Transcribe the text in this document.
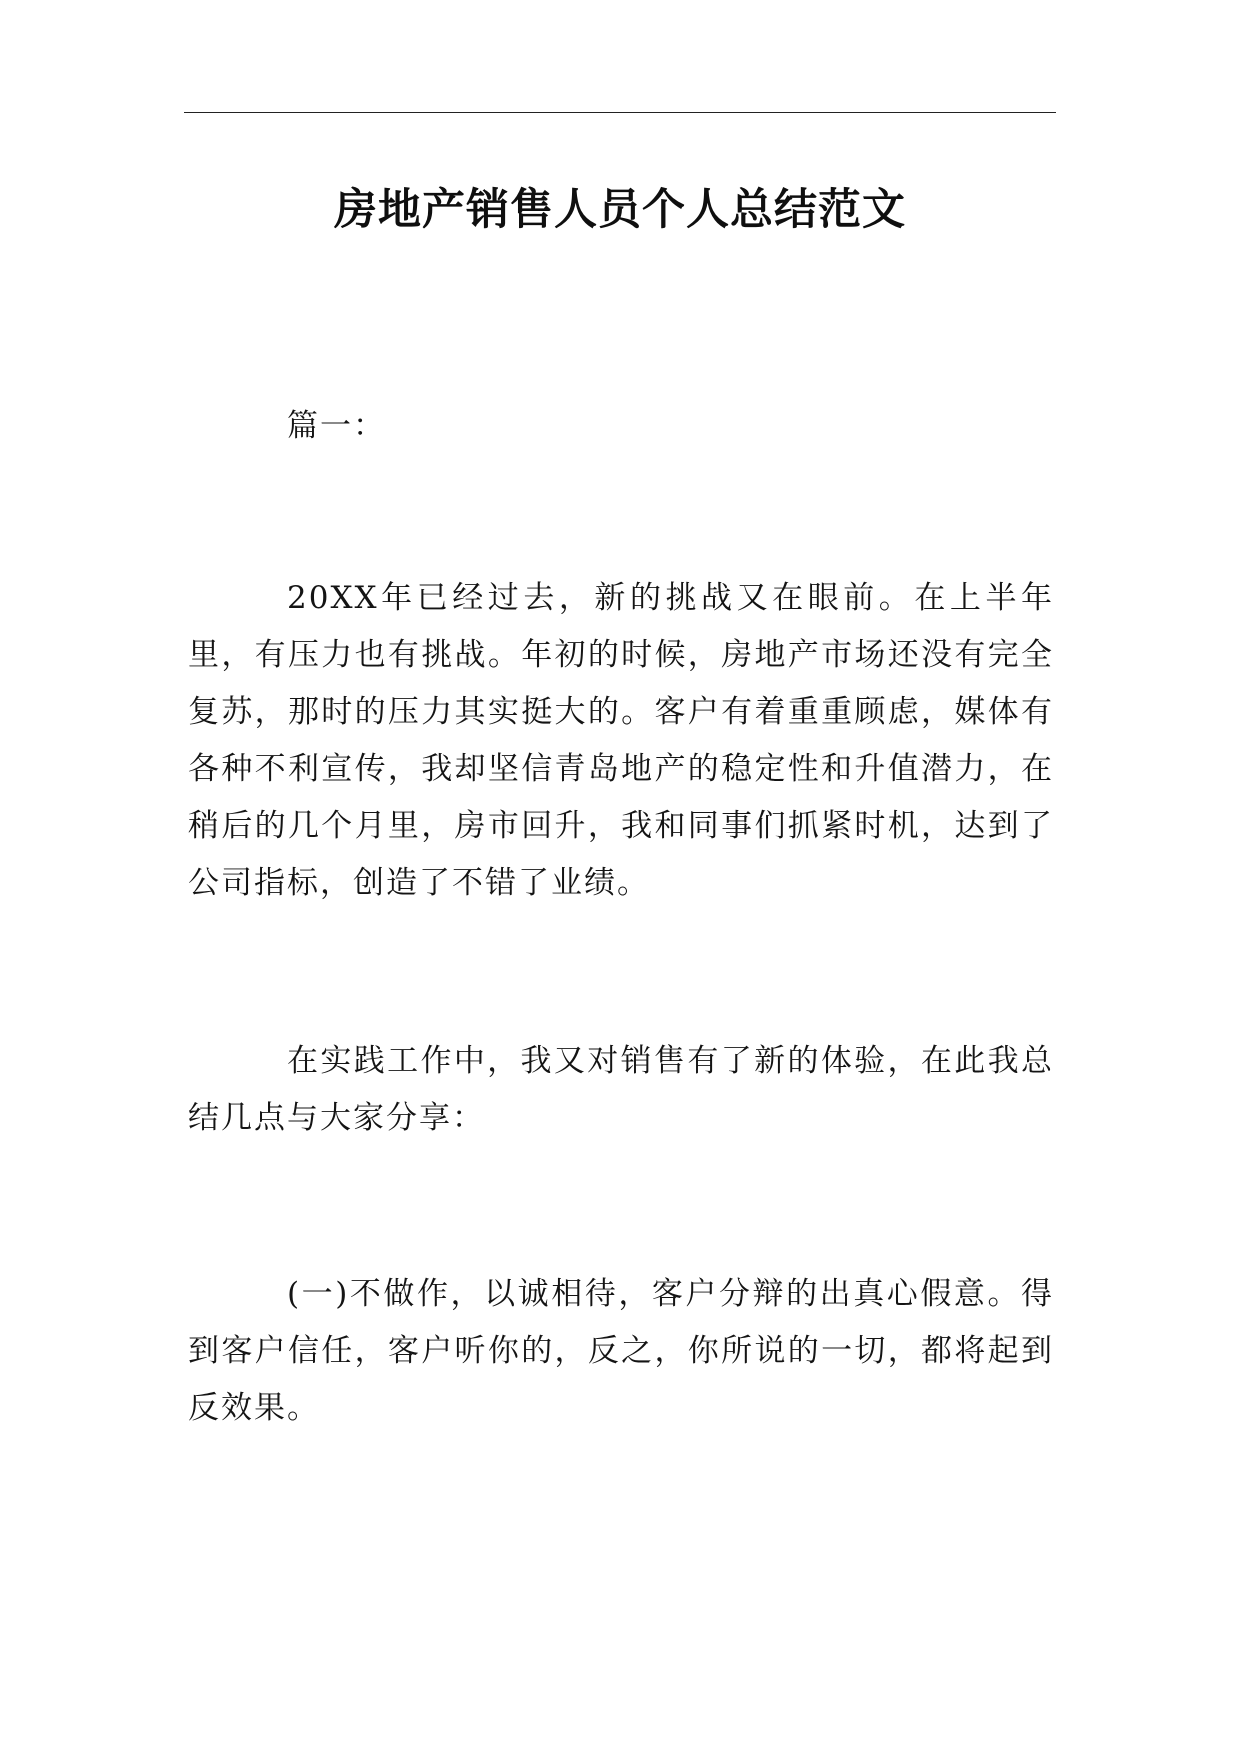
房地产销售人员个人总结范文

篇一：

20XX年已经过去，新的挑战又在眼前。在上半年里，有压力也有挑战。年初的时候，房地产市场还没有完全复苏，那时的压力其实挺大的。客户有着重重顾虑，媒体有各种不利宣传，我却坚信青岛地产的稳定性和升值潜力，在稍后的几个月里，房市回升，我和同事们抓紧时机，达到了公司指标，创造了不错了业绩。

在实践工作中，我又对销售有了新的体验，在此我总结几点与大家分享：

(一)不做作，以诚相待，客户分辩的出真心假意。得到客户信任，客户听你的，反之，你所说的一切，都将起到反效果。
